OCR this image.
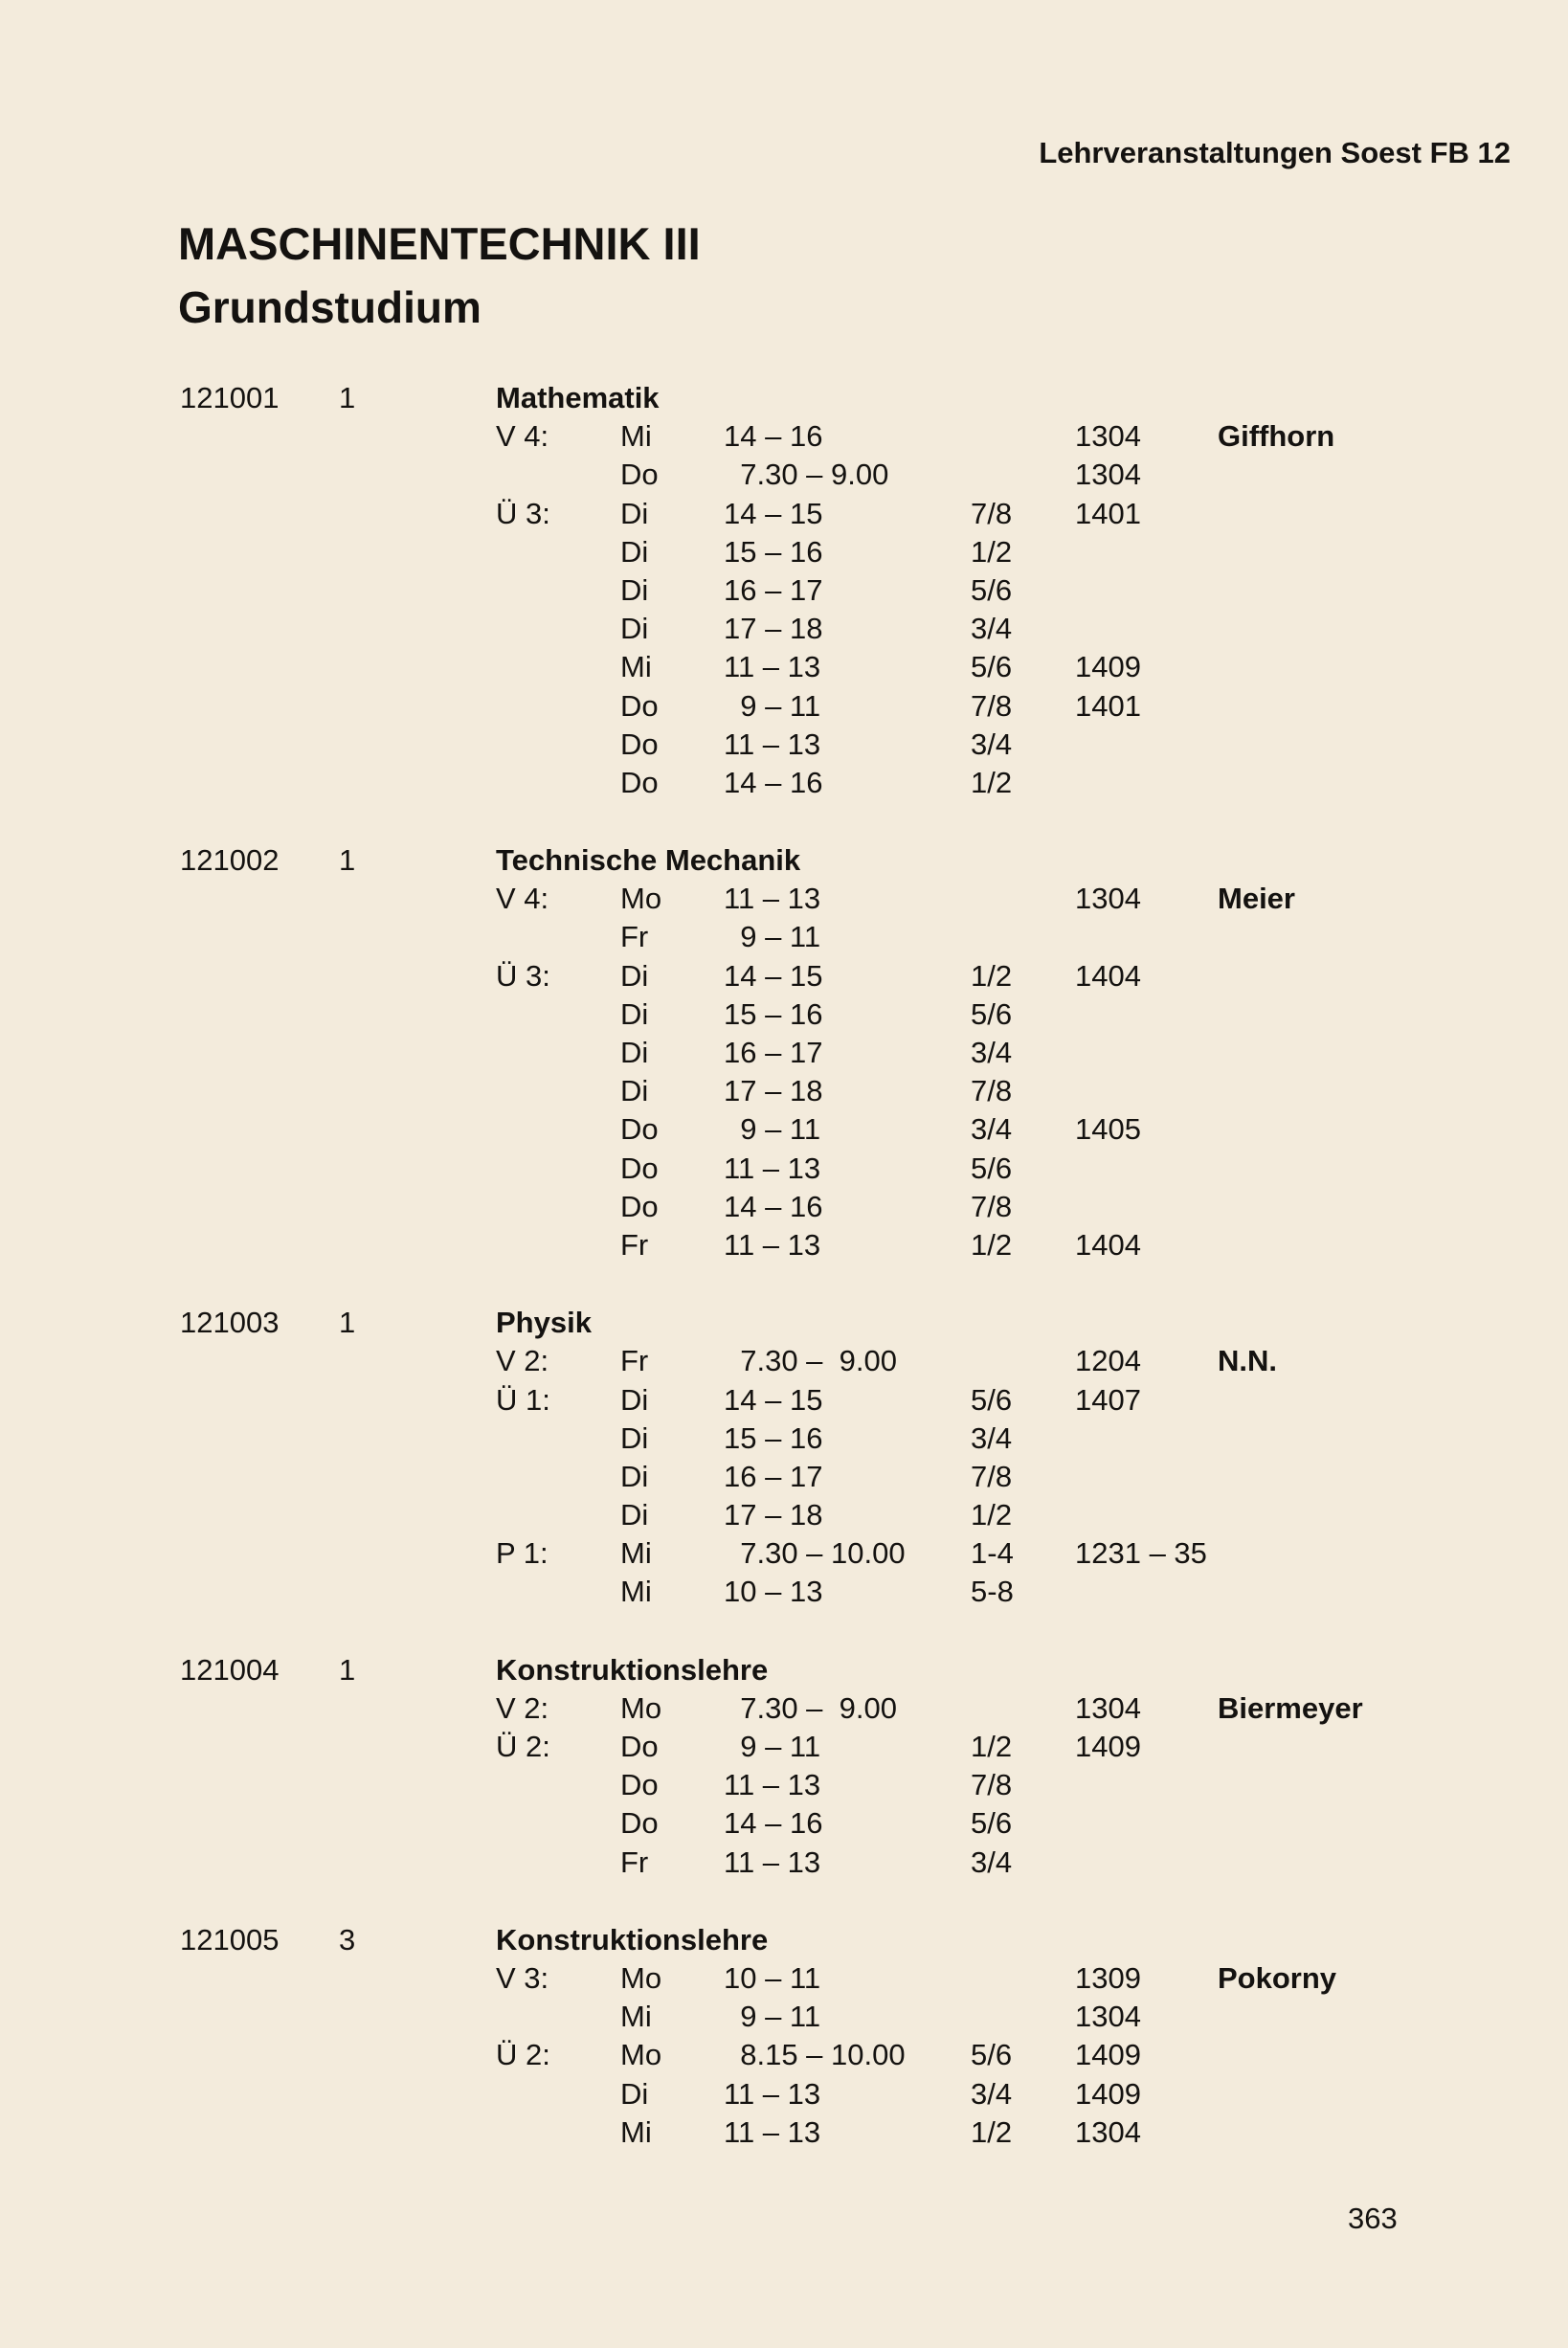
Lehrveranstaltungen Soest FB 12
MASCHINENTECHNIK III
Grundstudium
121001 1	Mathematik
V 4: Mi 14 – 16	1304	Giffhorn
Do 7.30 – 9.00	1304
Ü 3: Di	14 – 15	7/8 1401
Di	15 – 16	1/2
Di	16 – 17	5/6
Di	17 – 18	3/4
Mi 11 – 13	5/6 1409
Do 9 – 11	7/8 1401
Do 11 – 13	3/4
Do 14 – 16	1/2
121002 1	Technische Mechanik
V 4: Mo 11 – 13	1304	Meier
Fr	9 – 11
Ü 3: Di	14 – 15	1/2 1404
Di	15 – 16	5/6
Di	16 – 17	3/4
Di	17 – 18	7/8
Do 9 – 11	3/4 1405
Do 11 – 13	5/6
Do 14 – 16	7/8
Fr	11 – 13	1/2 1404
121003 1	Physik
V 2: Fr	7.30 –  9.00	1204	N.N.
Ü 1: Di	14 – 15	5/6 1407
Di	15 – 16	3/4
Di	16 – 17	7/8
Di	17 – 18	1/2
P 1: Mi 7.30 – 10.00 1-4 1231 – 35
Mi 10 – 13	5-8
121004 1	Konstruktionslehre
V 2: Mo 7.30 –  9.00	1304	Biermeyer
Ü 2: Do 9 – 11	1/2 1409
Do 11 – 13	7/8
Do 14 – 16	5/6
Fr	11 – 13	3/4
121005 3	Konstruktionslehre
V 3: Mo 10 – 11	1309	Pokorny
Mi 9 – 11	1304
Ü 2: Mo 8.15 – 10.00 5/6 1409
Di	11 – 13	3/4 1409
Mi 11 – 13	1/2 1304
363
